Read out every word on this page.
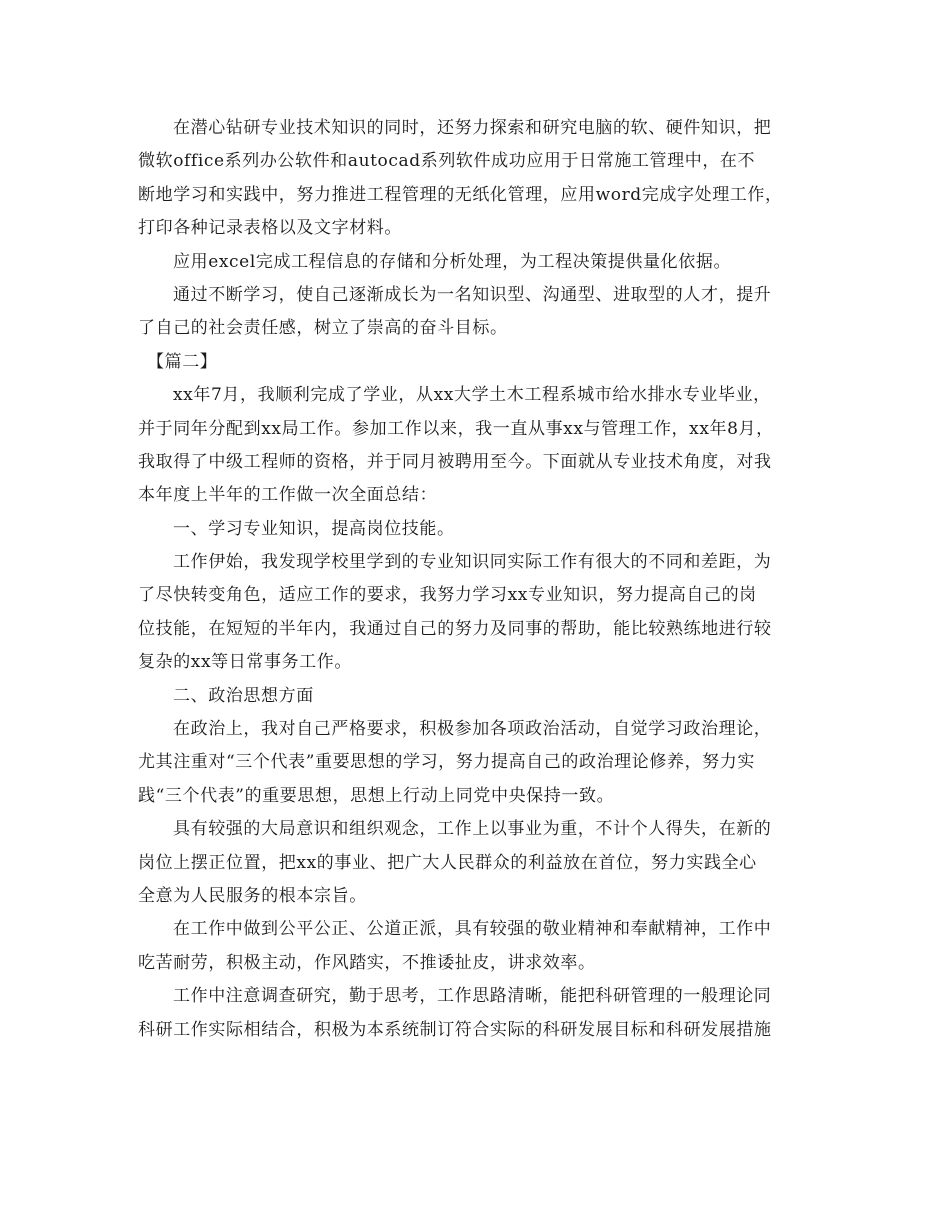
在潜心钻研专业技术知识的同时，还努力探索和研究电脑的软、硬件知识，把
微软office系列办公软件和autocad系列软件成功应用于日常施工管理中，在不
断地学习和实践中，努力推进工程管理的无纸化管理，应用word完成字处理工作，
打印各种记录表格以及文字材料。
应用excel完成工程信息的存储和分析处理，为工程决策提供量化依据。
通过不断学习，使自己逐渐成长为一名知识型、沟通型、进取型的人才，提升
了自己的社会责任感，树立了崇高的奋斗目标。
【篇二】
xx年7月，我顺利完成了学业，从xx大学土木工程系城市给水排水专业毕业，
并于同年分配到xx局工作。参加工作以来，我一直从事xx与管理工作，xx年8月，
我取得了中级工程师的资格，并于同月被聘用至今。下面就从专业技术角度，对我
本年度上半年的工作做一次全面总结：
一、学习专业知识，提高岗位技能。
工作伊始，我发现学校里学到的专业知识同实际工作有很大的不同和差距，为
了尽快转变角色，适应工作的要求，我努力学习xx专业知识，努力提高自己的岗
位技能，在短短的半年内，我通过自己的努力及同事的帮助，能比较熟练地进行较
复杂的xx等日常事务工作。
二、政治思想方面
在政治上，我对自己严格要求，积极参加各项政治活动，自觉学习政治理论，
尤其注重对“三个代表”重要思想的学习，努力提高自己的政治理论修养，努力实
践“三个代表”的重要思想，思想上行动上同党中央保持一致。
具有较强的大局意识和组织观念，工作上以事业为重，不计个人得失，在新的
岗位上摆正位置，把xx的事业、把广大人民群众的利益放在首位，努力实践全心
全意为人民服务的根本宗旨。
在工作中做到公平公正、公道正派，具有较强的敬业精神和奉献精神，工作中
吃苦耐劳，积极主动，作风踏实，不推诿扯皮，讲求效率。
工作中注意调查研究，勤于思考，工作思路清晰，能把科研管理的一般理论同
科研工作实际相结合，积极为本系统制订符合实际的科研发展目标和科研发展措施
